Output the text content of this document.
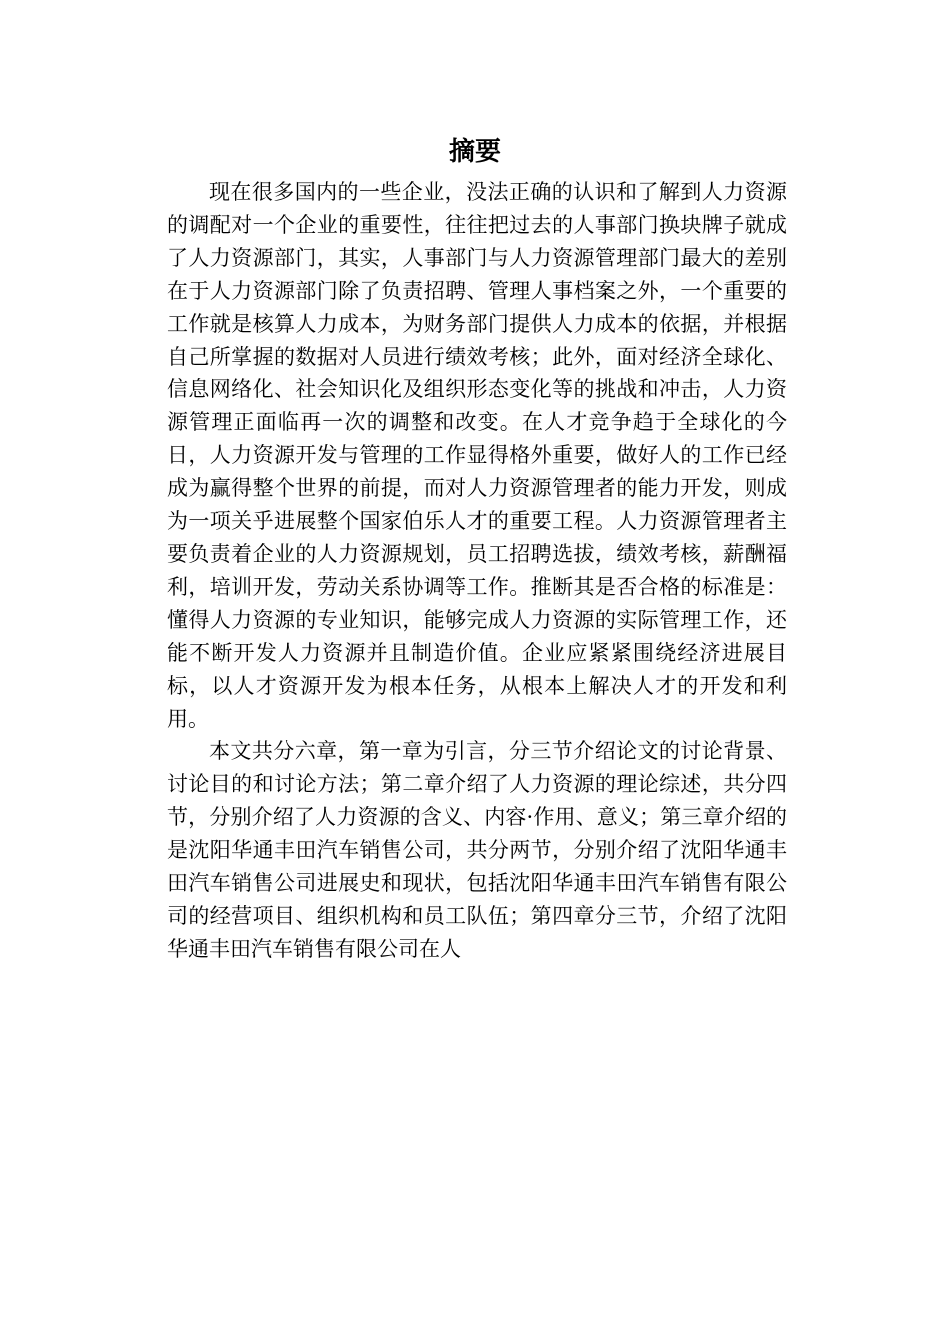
摘要

现在很多国内的一些企业，没法正确的认识和了解到人力资源的调配对一个企业的重要性，往往把过去的人事部门换块牌子就成了人力资源部门，其实，人事部门与人力资源管理部门最大的差别在于人力资源部门除了负责招聘、管理人事档案之外，一个重要的工作就是核算人力成本，为财务部门提供人力成本的依据，并根据自己所掌握的数据对人员进行绩效考核；此外，面对经济全球化、信息网络化、社会知识化及组织形态变化等的挑战和冲击，人力资源管理正面临再一次的调整和改变。在人才竞争趋于全球化的今日，人力资源开发与管理的工作显得格外重要，做好人的工作已经成为赢得整个世界的前提，而对人力资源管理者的能力开发，则成为一项关乎进展整个国家伯乐人才的重要工程。人力资源管理者主要负责着企业的人力资源规划，员工招聘选拔，绩效考核，薪酬福利，培训开发，劳动关系协调等工作。推断其是否合格的标准是：懂得人力资源的专业知识，能够完成人力资源的实际管理工作，还能不断开发人力资源并且制造价值。企业应紧紧围绕经济进展目标，以人才资源开发为根本任务，从根本上解决人才的开发和利用。

本文共分六章，第一章为引言，分三节介绍论文的讨论背景、讨论目的和讨论方法；第二章介绍了人力资源的理论综述，共分四节，分别介绍了人力资源的含义、内容·作用、意义；第三章介绍的是沈阳华通丰田汽车销售公司，共分两节，分别介绍了沈阳华通丰田汽车销售公司进展史和现状，包括沈阳华通丰田汽车销售有限公司的经营项目、组织机构和员工队伍；第四章分三节，介绍了沈阳华通丰田汽车销售有限公司在人
